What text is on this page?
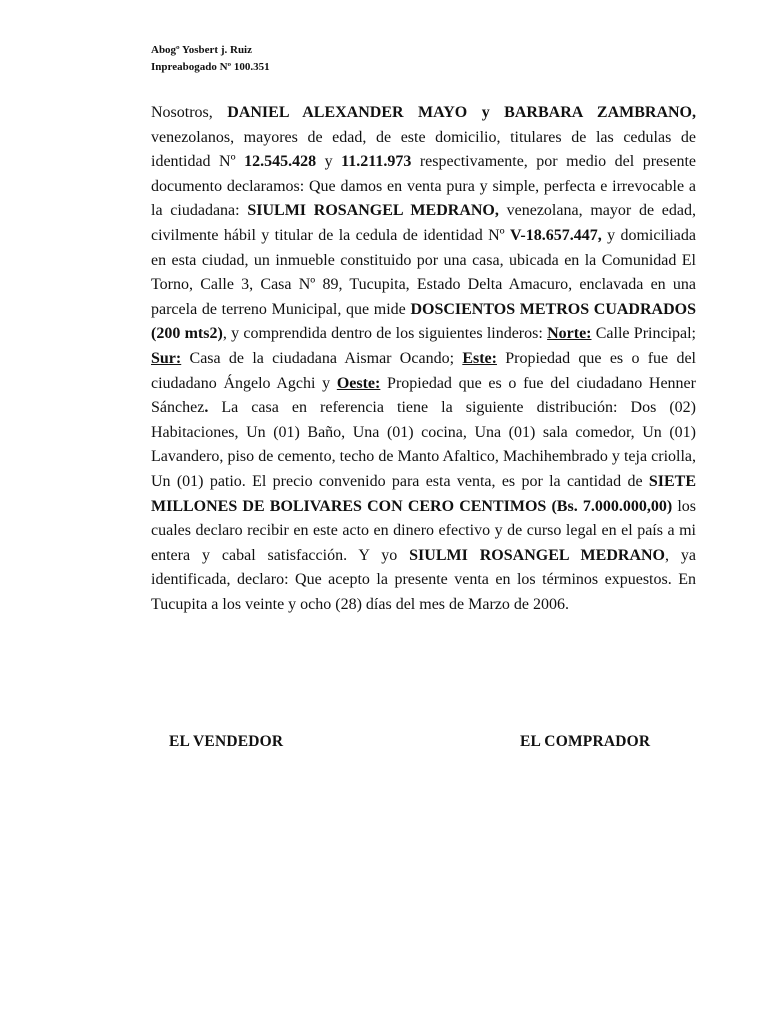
Abogº Yosbert j. Ruiz
Inpreabogado Nº 100.351

Nosotros, DANIEL ALEXANDER MAYO y BARBARA ZAMBRANO, venezolanos, mayores de edad, de este domicilio, titulares de las cedulas de identidad Nº 12.545.428 y 11.211.973 respectivamente, por medio del presente documento declaramos: Que damos en venta pura y simple, perfecta e irrevocable a la ciudadana: SIULMI ROSANGEL MEDRANO, venezolana, mayor de edad, civilmente hábil y titular de la cedula de identidad Nº V-18.657.447, y domiciliada en esta ciudad, un inmueble constituido por una casa, ubicada en la Comunidad El Torno, Calle 3, Casa Nº 89, Tucupita, Estado Delta Amacuro, enclavada en una parcela de terreno Municipal, que mide DOSCIENTOS METROS CUADRADOS (200 mts2), y comprendida dentro de los siguientes linderos: Norte: Calle Principal; Sur: Casa de la ciudadana Aismar Ocando; Este: Propiedad que es o fue del ciudadano Ángelo Agchi y Oeste: Propiedad que es o fue del ciudadano Henner Sánchez. La casa en referencia tiene la siguiente distribución: Dos (02) Habitaciones, Un (01) Baño, Una (01) cocina, Una (01) sala comedor, Un (01) Lavandero, piso de cemento, techo de Manto Afaltico, Machihembrado y teja criolla, Un (01) patio. El precio convenido para esta venta, es por la cantidad de SIETE MILLONES DE BOLIVARES CON CERO CENTIMOS (Bs. 7.000.000,00) los cuales declaro recibir en este acto en dinero efectivo y de curso legal en el país a mi entera y cabal satisfacción. Y yo SIULMI ROSANGEL MEDRANO, ya identificada, declaro: Que acepto la presente venta en los términos expuestos. En Tucupita a los veinte y ocho (28) días del mes de Marzo de 2006.

EL VENDEDOR	EL COMPRADOR
